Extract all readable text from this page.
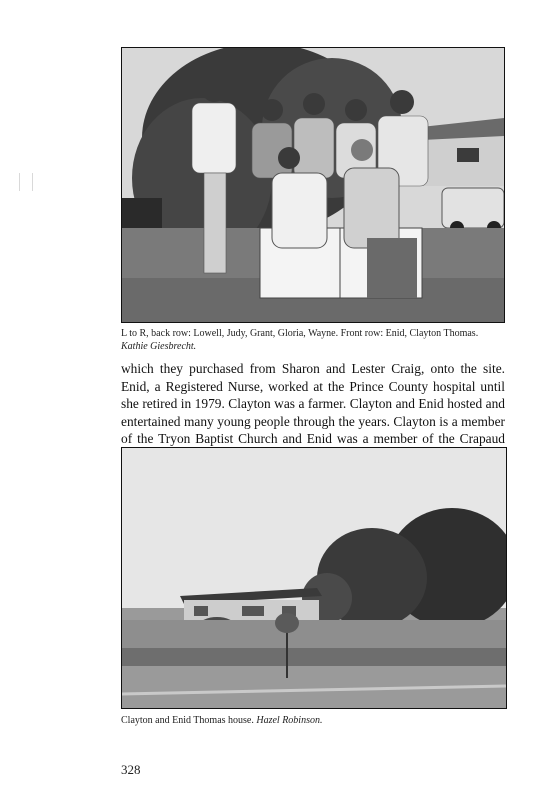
L to R, back row: Lowell, Judy, Grant, Gloria, Wayne. Front row: Enid, Clayton Thomas. Kathie Giesbrecht.
which they purchased from Sharon and Lester Craig, onto the site.
Enid, a Registered Nurse, worked at the Prince County hospital until
she retired in 1979. Clayton was a farmer. Clayton and Enid hosted and
entertained many young people through the years. Clayton is a member
of the Tryon Baptist Church and Enid was a member of the Crapaud
Clayton and Enid Thomas house. Hazel Robinson.
328
